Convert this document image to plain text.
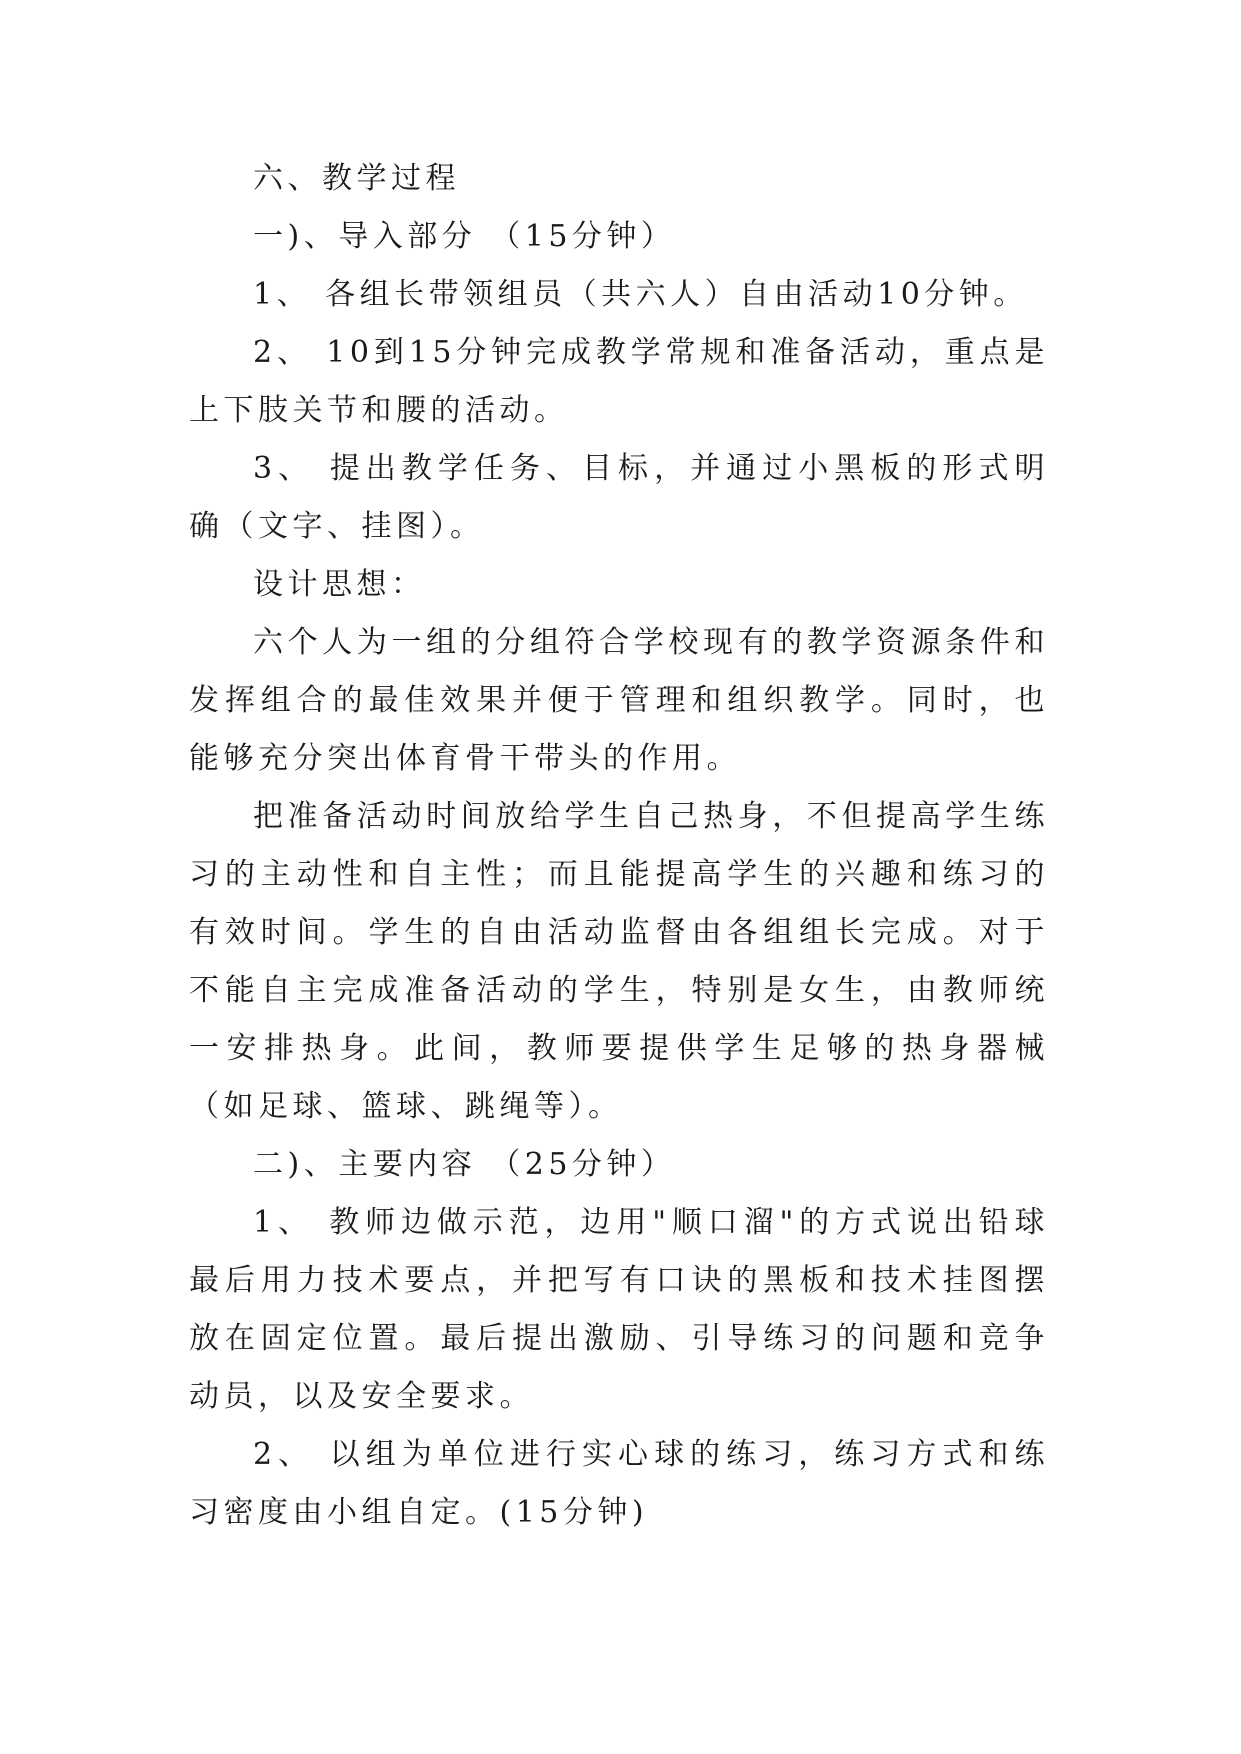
六、教学过程

一)、导入部分 （15分钟）

1、 各组长带领组员（共六人）自由活动10分钟。

2、 10到15分钟完成教学常规和准备活动，重点是上下肢关节和腰的活动。

3、 提出教学任务、目标，并通过小黑板的形式明确（文字、挂图）。

设计思想：

六个人为一组的分组符合学校现有的教学资源条件和发挥组合的最佳效果并便于管理和组织教学。同时，也能够充分突出体育骨干带头的作用。

把准备活动时间放给学生自己热身，不但提高学生练习的主动性和自主性；而且能提高学生的兴趣和练习的有效时间。学生的自由活动监督由各组组长完成。对于不能自主完成准备活动的学生，特别是女生，由教师统一安排热身。此间，教师要提供学生足够的热身器械（如足球、篮球、跳绳等）。

二)、主要内容 （25分钟）

1、 教师边做示范，边用"顺口溜"的方式说出铅球最后用力技术要点，并把写有口诀的黑板和技术挂图摆放在固定位置。最后提出激励、引导练习的问题和竞争动员，以及安全要求。

2、 以组为单位进行实心球的练习，练习方式和练习密度由小组自定。(15分钟)
